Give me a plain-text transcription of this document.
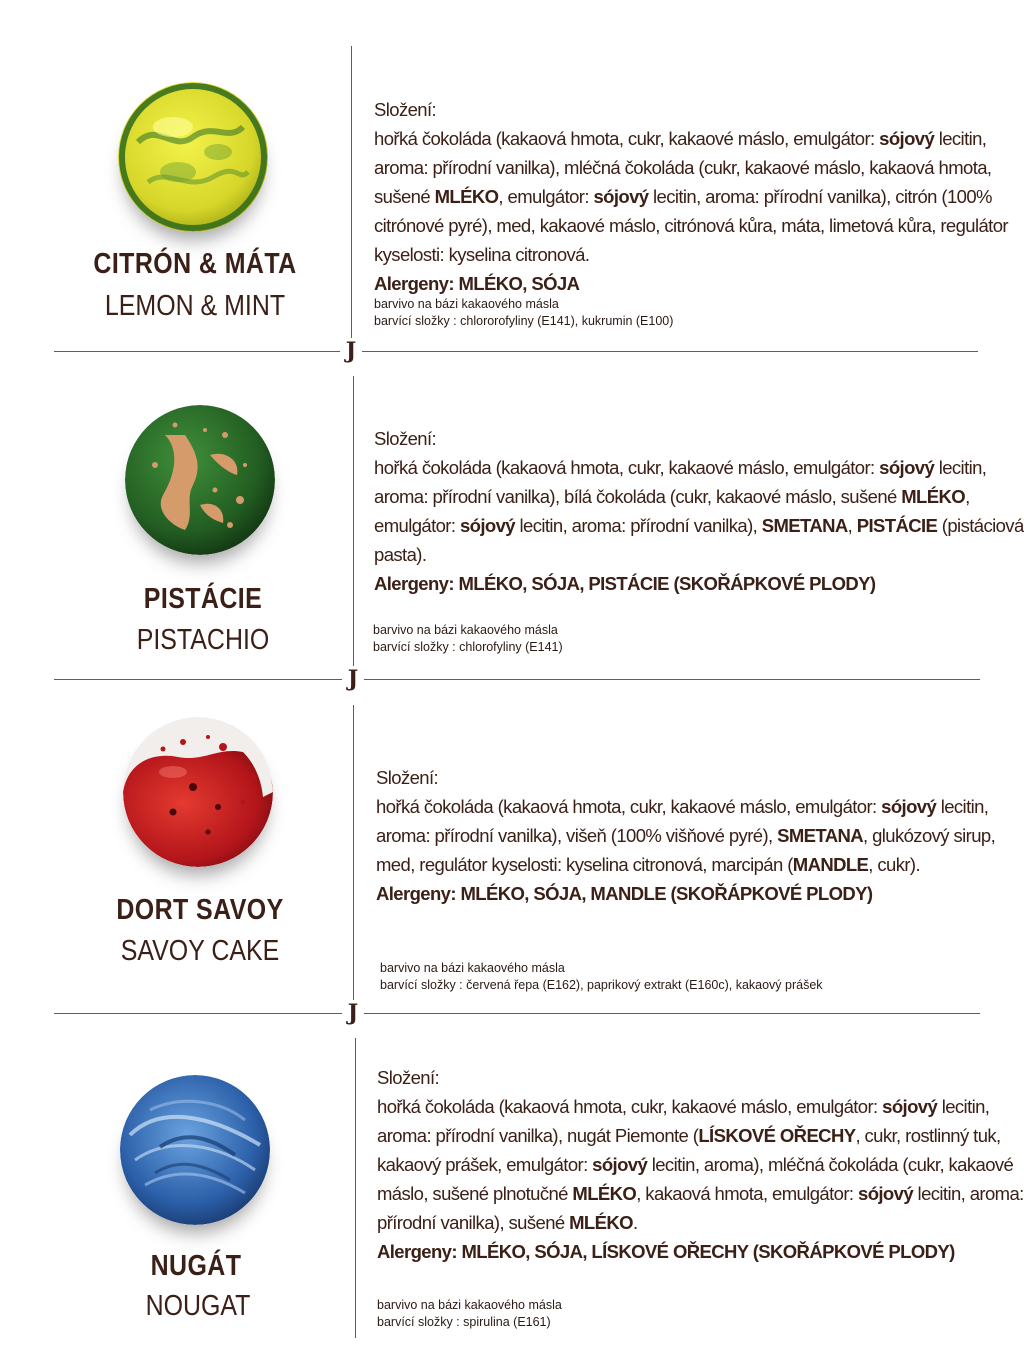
CITRÓN & MÁTA
LEMON & MINT

Složení:

hořká čokoláda (kakaová hmota, cukr, kakaové máslo, emulgátor: sójový lecitin, aroma: přírodní vanilka), mléčná čokoláda (cukr, kakaové máslo, kakaová hmota, sušené MLÉKO, emulgátor: sójový lecitin, aroma: přírodní vanilka), citrón (100% citrónové pyré), med, kakaové máslo, citrónová kůra, máta, limetová kůra, regulátor kyselosti: kyselina citronová.

Alergeny: MLÉKO, SÓJA

barvivo na bázi kakaového másla
barvící složky : chlororofyliny (E141), kukrumin (E100)
J
PISTÁCIE
PISTACHIO

Složení:

hořká čokoláda (kakaová hmota, cukr, kakaové máslo, emulgátor: sójový lecitin, aroma: přírodní vanilka), bílá čokoláda (cukr, kakaové máslo, sušené MLÉKO, emulgátor: sójový lecitin, aroma: přírodní vanilka), SMETANA, PISTÁCIE (pistáciová pasta).

Alergeny: MLÉKO, SÓJA, PISTÁCIE (SKOŘÁPKOVÉ PLODY)

barvivo na bázi kakaového másla
barvící složky : chlorofyliny (E141)
J
DORT SAVOY
SAVOY CAKE

Složení:

hořká čokoláda (kakaová hmota, cukr, kakaové máslo, emulgátor: sójový lecitin, aroma: přírodní vanilka), višeň (100% višňové pyré), SMETANA, glukózový sirup, med, regulátor kyselosti: kyselina citronová, marcipán (MANDLE, cukr).

Alergeny: MLÉKO, SÓJA, MANDLE (SKOŘÁPKOVÉ PLODY)

barvivo na bázi kakaového másla
barvící složky : červená řepa (E162), paprikový extrakt (E160c), kakaový prášek
J
NUGÁT
NOUGAT

Složení:

hořká čokoláda (kakaová hmota, cukr, kakaové máslo, emulgátor: sójový lecitin, aroma: přírodní vanilka), nugát Piemonte (LÍSKOVÉ OŘECHY, cukr, rostlinný tuk, kakaový prášek, emulgátor: sójový lecitin, aroma), mléčná čokoláda (cukr, kakaové máslo, sušené plnotučné MLÉKO, kakaová hmota, emulgátor: sójový lecitin, aroma: přírodní vanilka), sušené MLÉKO.

Alergeny: MLÉKO, SÓJA, LÍSKOVÉ OŘECHY (SKOŘÁPKOVÉ PLODY)

barvivo na bázi kakaového másla
barvící složky : spirulina (E161)
